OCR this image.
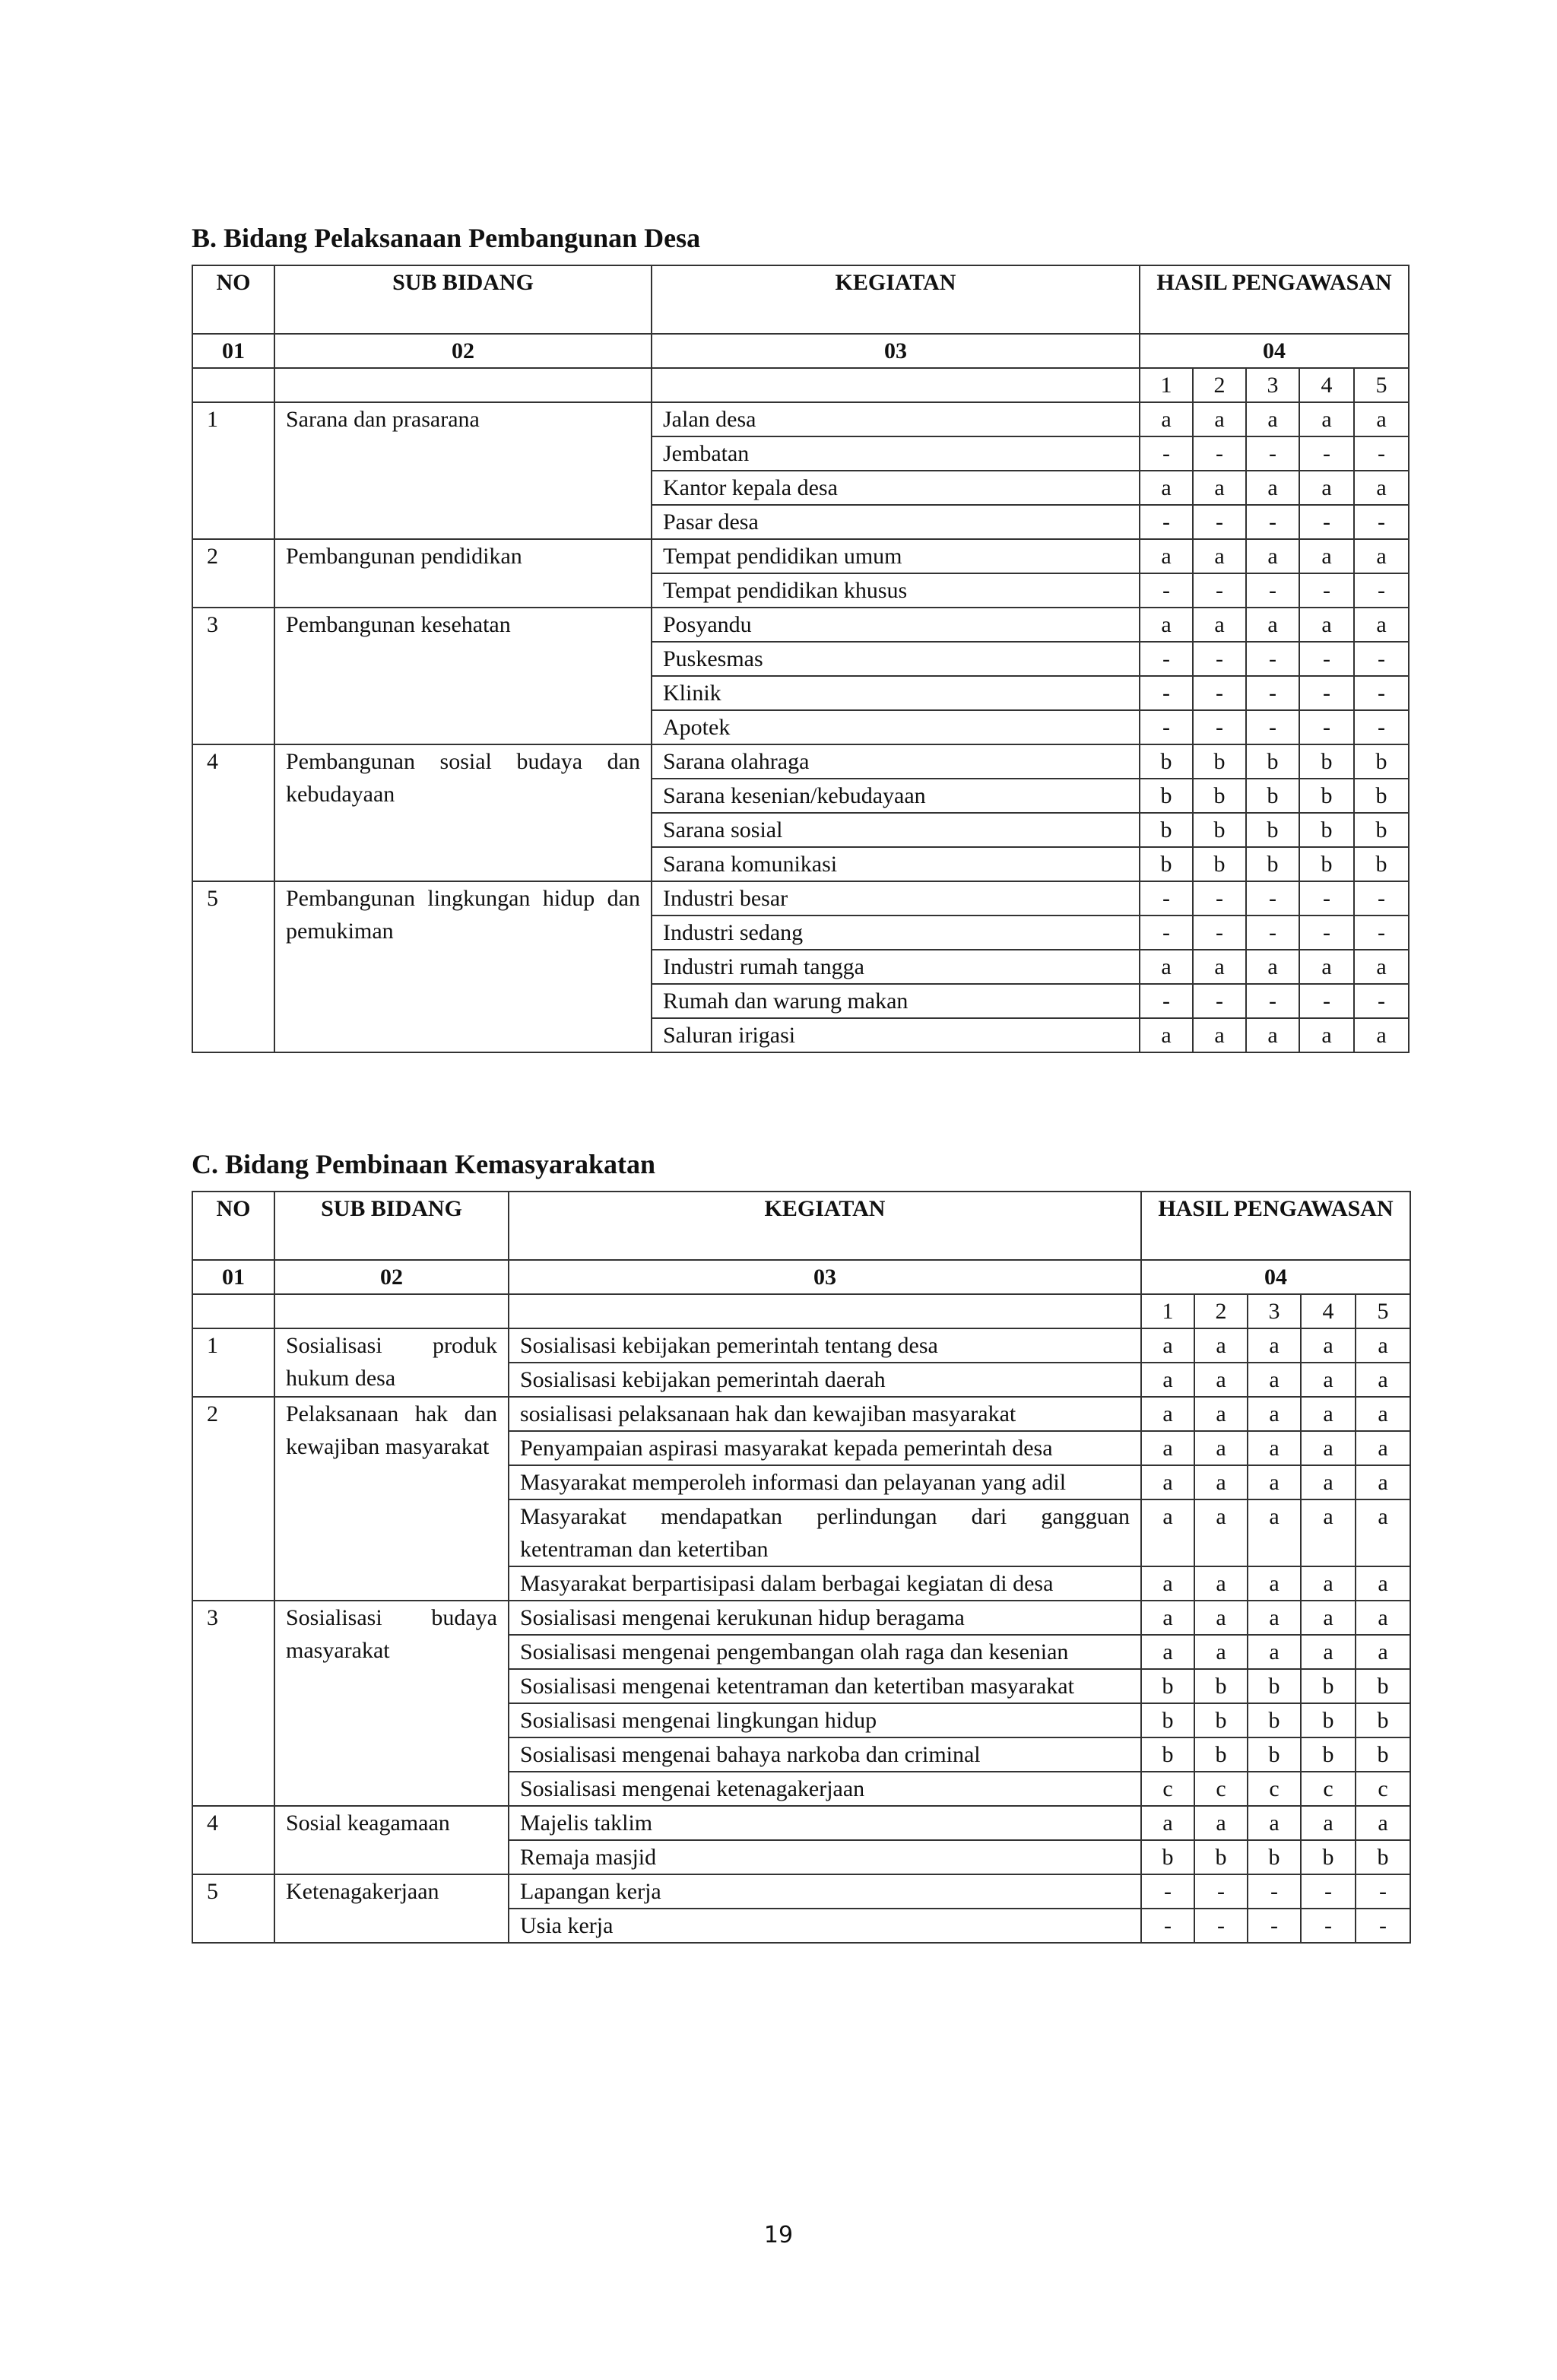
B. Bidang Pelaksanaan Pembangunan Desa
NO	SUB BIDANG	KEGIATAN	HASIL PENGAWASAN				
01	02	03	04				
			1	2	3	4	5
1	Sarana dan prasarana	Jalan desa	a	a	a	a	a
		Jembatan	-	-	-	-	-
		Kantor kepala desa	a	a	a	a	a
		Pasar desa	-	-	-	-	-
2	Pembangunan pendidikan	Tempat pendidikan umum	a	a	a	a	a
		Tempat pendidikan khusus	-	-	-	-	-
3	Pembangunan kesehatan	Posyandu	a	a	a	a	a
		Puskesmas	-	-	-	-	-
		Klinik	-	-	-	-	-
		Apotek	-	-	-	-	-
4	Pembangunan sosial budaya dan kebudayaan	Sarana olahraga	b	b	b	b	b
		Sarana kesenian/kebudayaan	b	b	b	b	b
		Sarana sosial	b	b	b	b	b
		Sarana komunikasi	b	b	b	b	b
5	Pembangunan lingkungan hidup dan pemukiman	Industri besar	-	-	-	-	-
		Industri sedang	-	-	-	-	-
		Industri rumah tangga	a	a	a	a	a
		Rumah dan warung makan	-	-	-	-	-
		Saluran irigasi	a	a	a	a	a
C. Bidang Pembinaan Kemasyarakatan
NO	SUB BIDANG	KEGIATAN	HASIL PENGAWASAN				
01	02	03	04				
			1	2	3	4	5
1	Sosialisasi produk hukum desa	Sosialisasi kebijakan pemerintah tentang desa	a	a	a	a	a
		Sosialisasi kebijakan pemerintah daerah	a	a	a	a	a
2	Pelaksanaan hak dan kewajiban masyarakat	sosialisasi pelaksanaan hak dan kewajiban masyarakat	a	a	a	a	a
		Penyampaian aspirasi masyarakat kepada pemerintah desa	a	a	a	a	a
		Masyarakat memperoleh informasi dan pelayanan yang adil	a	a	a	a	a
		Masyarakat mendapatkan perlindungan dari gangguan ketentraman dan ketertiban	a	a	a	a	a
		Masyarakat berpartisipasi dalam berbagai kegiatan di desa	a	a	a	a	a
3	Sosialisasi budaya masyarakat	Sosialisasi mengenai kerukunan hidup beragama	a	a	a	a	a
		Sosialisasi mengenai pengembangan olah raga dan kesenian	a	a	a	a	a
		Sosialisasi mengenai ketentraman dan ketertiban masyarakat	b	b	b	b	b
		Sosialisasi mengenai lingkungan hidup	b	b	b	b	b
		Sosialisasi mengenai bahaya narkoba dan criminal	b	b	b	b	b
		Sosialisasi mengenai ketenagakerjaan	c	c	c	c	c
4	Sosial keagamaan	Majelis taklim	a	a	a	a	a
		Remaja masjid	b	b	b	b	b
5	Ketenagakerjaan	Lapangan kerja	-	-	-	-	-
		Usia kerja	-	-	-	-	-
19
